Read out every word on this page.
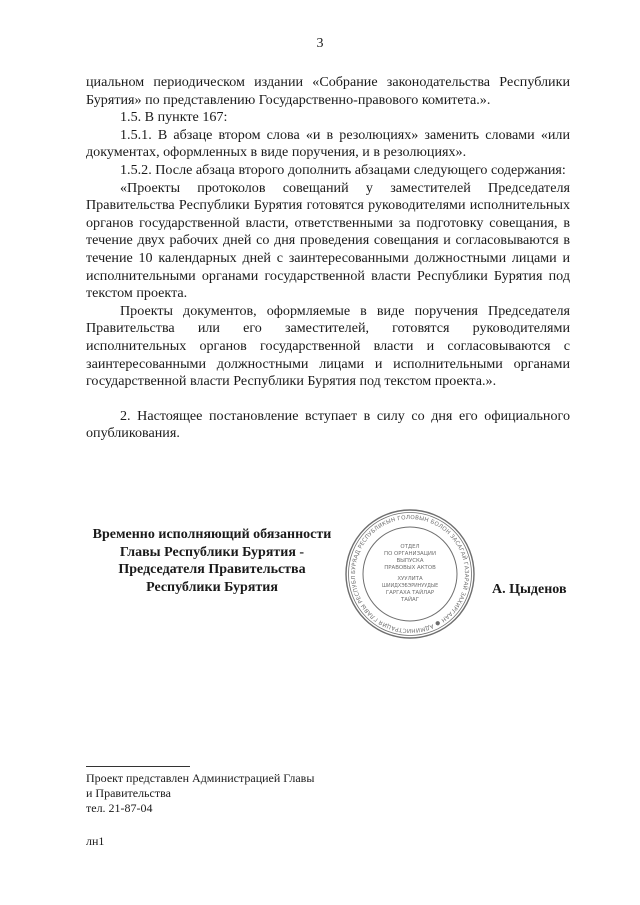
3

циальном периодическом издании «Собрание законодательства Республики Бурятия» по представлению Государственно-правового комитета.».

1.5. В пункте 167:

1.5.1. В абзаце втором слова «и в резолюциях» заменить словами «или документах, оформленных в виде поручения, и в резолюциях».

1.5.2. После абзаца второго дополнить абзацами следующего содержания:

«Проекты протоколов совещаний у заместителей Председателя Правительства Республики Бурятия готовятся руководителями исполнительных органов государственной власти, ответственными за подготовку совещания, в течение двух рабочих дней со дня проведения совещания и согласовываются в течение 10 календарных дней с заинтересованными должностными лицами и исполнительными органами государственной власти Республики Бурятия под текстом проекта.

Проекты документов, оформляемые в виде поручения Председателя Правительства или его заместителей, готовятся руководителями исполнительных органов государственной власти и согласовываются с заинтересованными должностными лицами и исполнительными органами государственной власти Республики Бурятия под текстом проекта.».

2. Настоящее постановление вступает в силу со дня его официального опубликования.

Временно исполняющий обязанности
Главы Республики Бурятия -
Председателя Правительства
Республики Бурятия
БУРЯАД РЕСПУБЛИКЫН ГОЛОВЫН БОЛОН ЗАСАГАЙ ГАЗАРАЙ ЗАХИРГААН ● АДМИНИСТРАЦИЯ ГЛАВЫ РЕСПУБЛ
ОТДЕЛ
ПО ОРГАНИЗАЦИИ
ВЫПУСКА
ПРАВОВЫХ АКТОВ
ХУУЛИТА
ШИИДХЭБЭРИНУУДЫЕ
ГАРГАХА ТАЙЛАР
ТАЙАГ
А. Цыденов
Проект представлен Администрацией Главы
и Правительства
тел. 21-87-04
лн1
